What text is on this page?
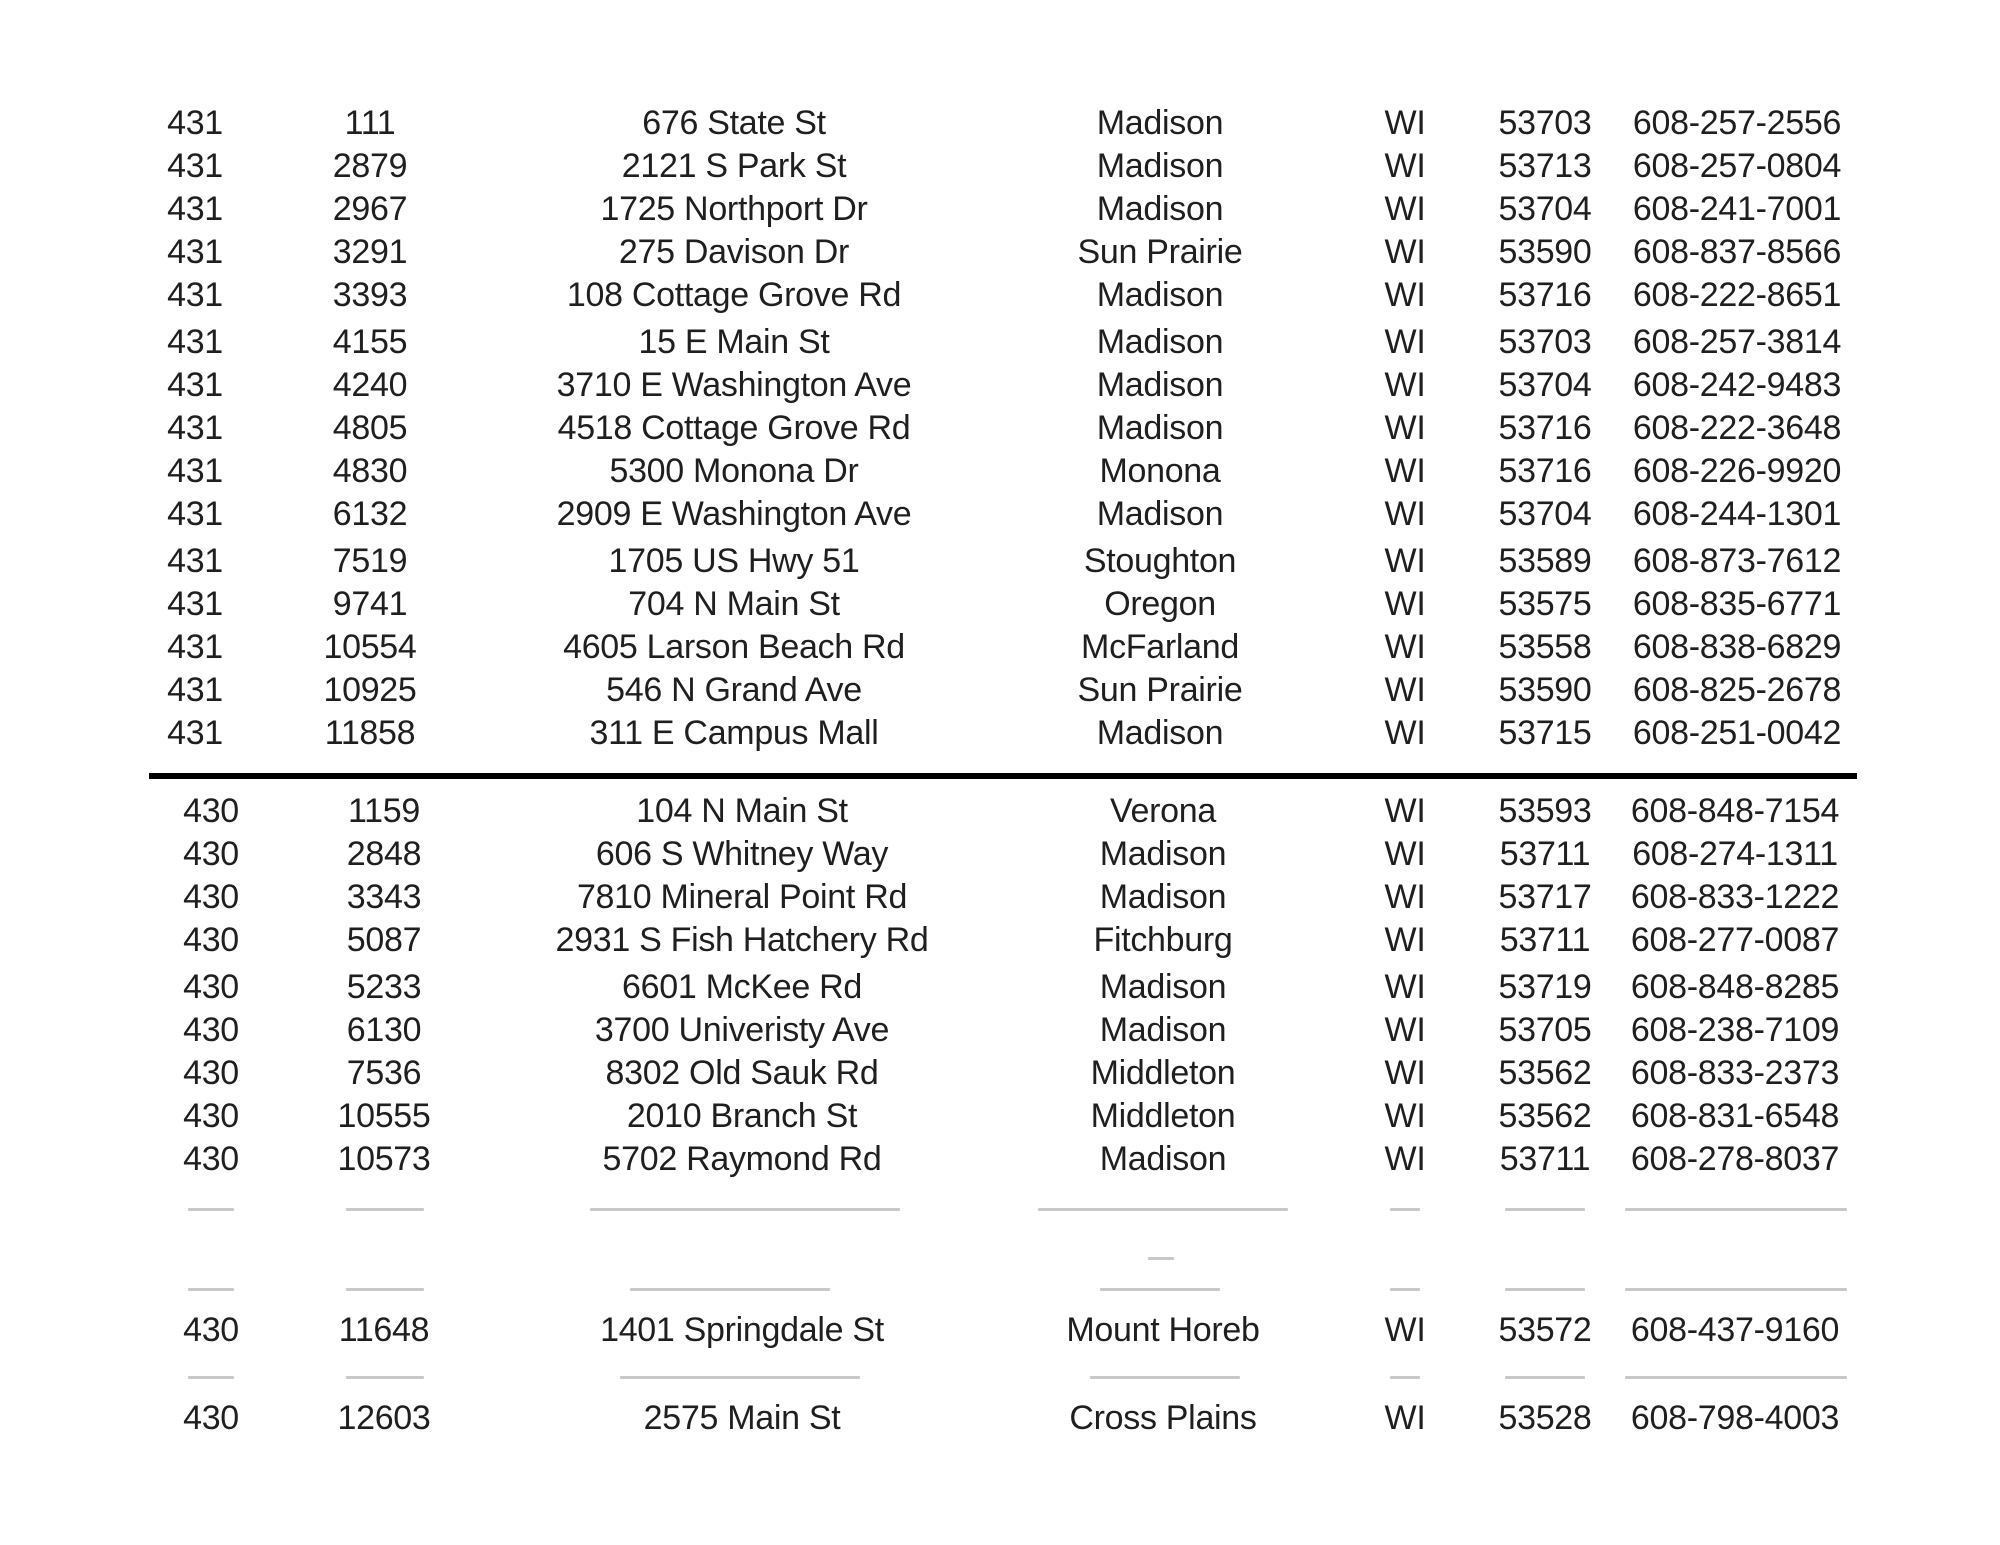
431	111	676 State St	Madison	WI 53703 608-257-2556
431	2879	2121 S Park St	Madison	WI 53713 608-257-0804
431	2967	1725 Northport Dr	Madison	WI 53704 608-241-7001
431	3291	275 Davison Dr	Sun Prairie	WI 53590 608-837-8566
431	3393	108 Cottage Grove Rd	Madison	WI 53716 608-222-8651
431	4155	15 E Main St	Madison	WI 53703 608-257-3814
431	4240	3710 E Washington Ave	Madison	WI 53704 608-242-9483
431	4805	4518 Cottage Grove Rd	Madison	WI 53716 608-222-3648
431	4830	5300 Monona Dr	Monona	WI 53716 608-226-9920
431	6132	2909 E Washington Ave	Madison	WI 53704 608-244-1301
431	7519	1705 US Hwy 51	Stoughton	WI 53589 608-873-7612
431	9741	704 N Main St	Oregon	WI 53575 608-835-6771
431	10554	4605 Larson Beach Rd	McFarland	WI 53558 608-838-6829
431	10925	546 N Grand Ave	Sun Prairie	WI 53590 608-825-2678
431	11858	311 E Campus Mall	Madison	WI 53715 608-251-0042
430	1159	104 N Main St	Verona	WI 53593 608-848-7154
430	2848	606 S Whitney Way	Madison	WI 53711 608-274-1311
430	3343	7810 Mineral Point Rd	Madison	WI 53717 608-833-1222
430	5087	2931 S Fish Hatchery Rd	Fitchburg	WI 53711 608-277-0087
430	5233	6601 McKee Rd	Madison	WI 53719 608-848-8285
430	6130	3700 Univeristy Ave	Madison	WI 53705 608-238-7109
430	7536	8302 Old Sauk Rd	Middleton	WI 53562 608-833-2373
430	10555	2010 Branch St	Middleton	WI 53562 608-831-6548
430	10573	5702 Raymond Rd	Madison	WI 53711 608-278-8037
430	11648	1401 Springdale St	Mount Horeb	WI 53572 608-437-9160
430	12603	2575 Main St	Cross Plains	WI 53528 608-798-4003
